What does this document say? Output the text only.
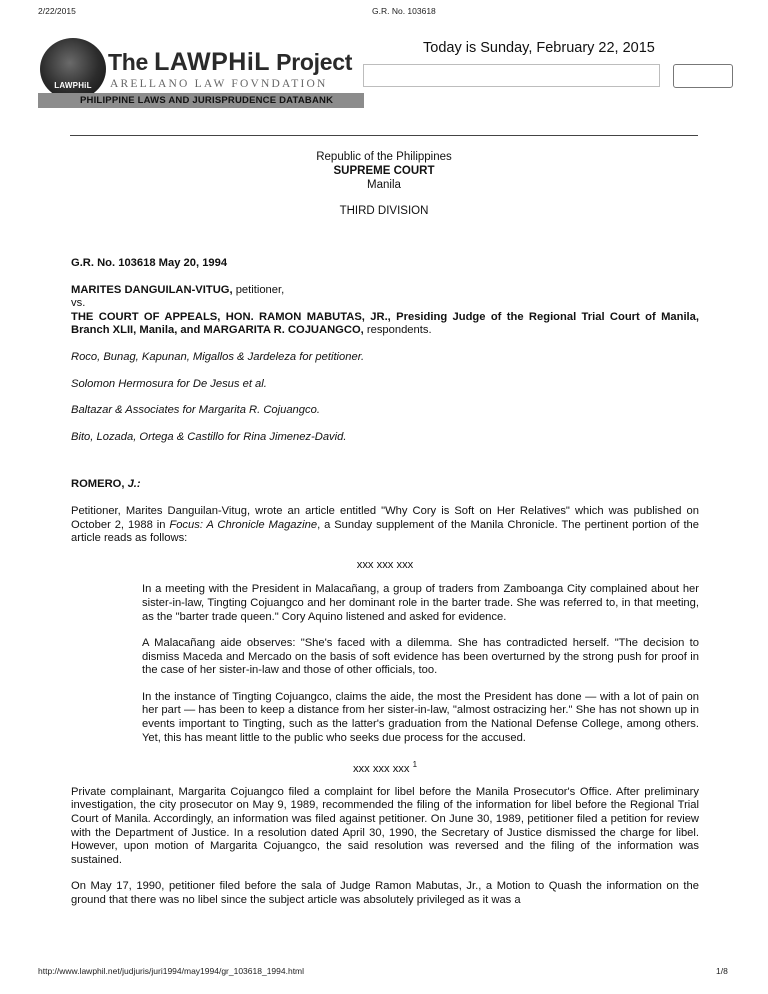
2/22/2015	G.R. No. 103618
LAWPHiL
The LAWPHiL Project
ARELLANO LAW FOVNDATION
PHILIPPINE LAWS AND JURISPRUDENCE DATABANK
Today is Sunday, February 22, 2015
Republic of the Philippines
SUPREME COURT
Manila
THIRD DIVISION

G.R. No. 103618 May 20, 1994

MARITES DANGUILAN-VITUG, petitioner,
vs.
THE COURT OF APPEALS, HON. RAMON MABUTAS, JR., Presiding Judge of the Regional Trial Court of Manila, Branch XLII, Manila, and MARGARITA R. COJUANGCO, respondents.

Roco, Bunag, Kapunan, Migallos & Jardeleza for petitioner.

Solomon Hermosura for De Jesus et al.

Baltazar & Associates for Margarita R. Cojuangco.

Bito, Lozada, Ortega & Castillo for Rina Jimenez-David.

ROMERO, J.:

Petitioner, Marites Danguilan-Vitug, wrote an article entitled "Why Cory is Soft on Her Relatives" which was published on October 2, 1988 in Focus: A Chronicle Magazine, a Sunday supplement of the Manila Chronicle. The pertinent portion of the article reads as follows:

xxx xxx xxx

In a meeting with the President in Malacañang, a group of traders from Zamboanga City complained about her sister-in-law, Tingting Cojuangco and her dominant role in the barter trade. She was referred to, in that meeting, as the "barter trade queen." Cory Aquino listened and asked for evidence.

A Malacañang aide observes: "She's faced with a dilemma. She has contradicted herself. "The decision to dismiss Maceda and Mercado on the basis of soft evidence has been overturned by the strong push for proof in the case of her sister-in-law and those of other officials, too.

In the instance of Tingting Cojuangco, claims the aide, the most the President has done — with a lot of pain on her part — has been to keep a distance from her sister-in-law, "almost ostracizing her." She has not shown up in events important to Tingting, such as the latter's graduation from the National Defense College, among others. Yet, this has meant little to the public who seeks due process for the accused.

xxx xxx xxx $^1$

Private complainant, Margarita Cojuangco filed a complaint for libel before the Manila Prosecutor's Office. After preliminary investigation, the city prosecutor on May 9, 1989, recommended the filing of the information for libel before the Regional Trial Court of Manila. Accordingly, an information was filed against petitioner. On June 30, 1989, petitioner filed a petition for review with the Department of Justice. In a resolution dated April 30, 1990, the Secretary of Justice dismissed the charge for libel. However, upon motion of Margarita Cojuangco, the said resolution was reversed and the filing of the information was sustained.

On May 17, 1990, petitioner filed before the sala of Judge Ramon Mabutas, Jr., a Motion to Quash the information on the ground that there was no libel since the subject article was absolutely privileged as it was a

http://www.lawphil.net/judjuris/juri1994/may1994/gr_103618_1994.html	1/8
